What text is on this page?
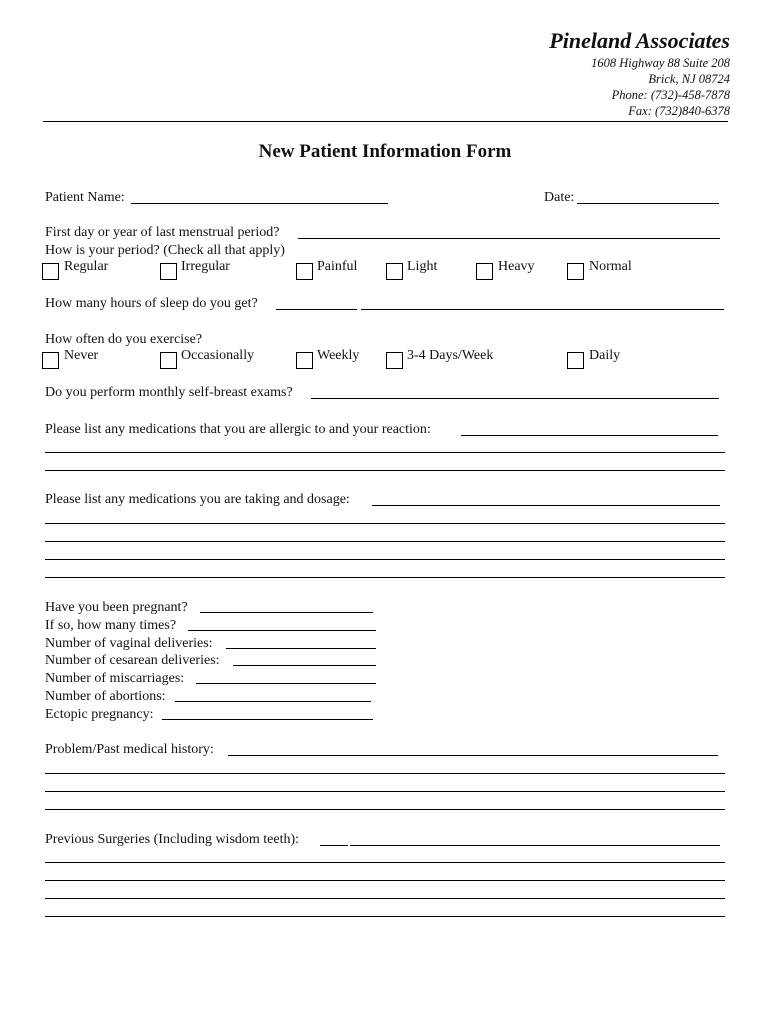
Pineland Associates
1608 Highway 88 Suite 208
Brick, NJ 08724
Phone: (732)-458-7878
Fax: (732)840-6378
New Patient Information Form
Patient Name:	Date:
First day or year of last menstrual period?
How is your period? (Check all that apply)
Regular	Irregular	Painful	Light	Heavy	Normal
How many hours of sleep do you get?
How often do you exercise?
Never	Occasionally	Weekly	3-4 Days/Week	Daily
Do you perform monthly self-breast exams?
Please list any medications that you are allergic to and your reaction:
Please list any medications you are taking and dosage:
Have you been pregnant?
If so, how many times?
Number of vaginal deliveries:
Number of cesarean deliveries:
Number of miscarriages:
Number of abortions:
Ectopic pregnancy:
Problem/Past medical history:
Previous Surgeries (Including wisdom teeth):
